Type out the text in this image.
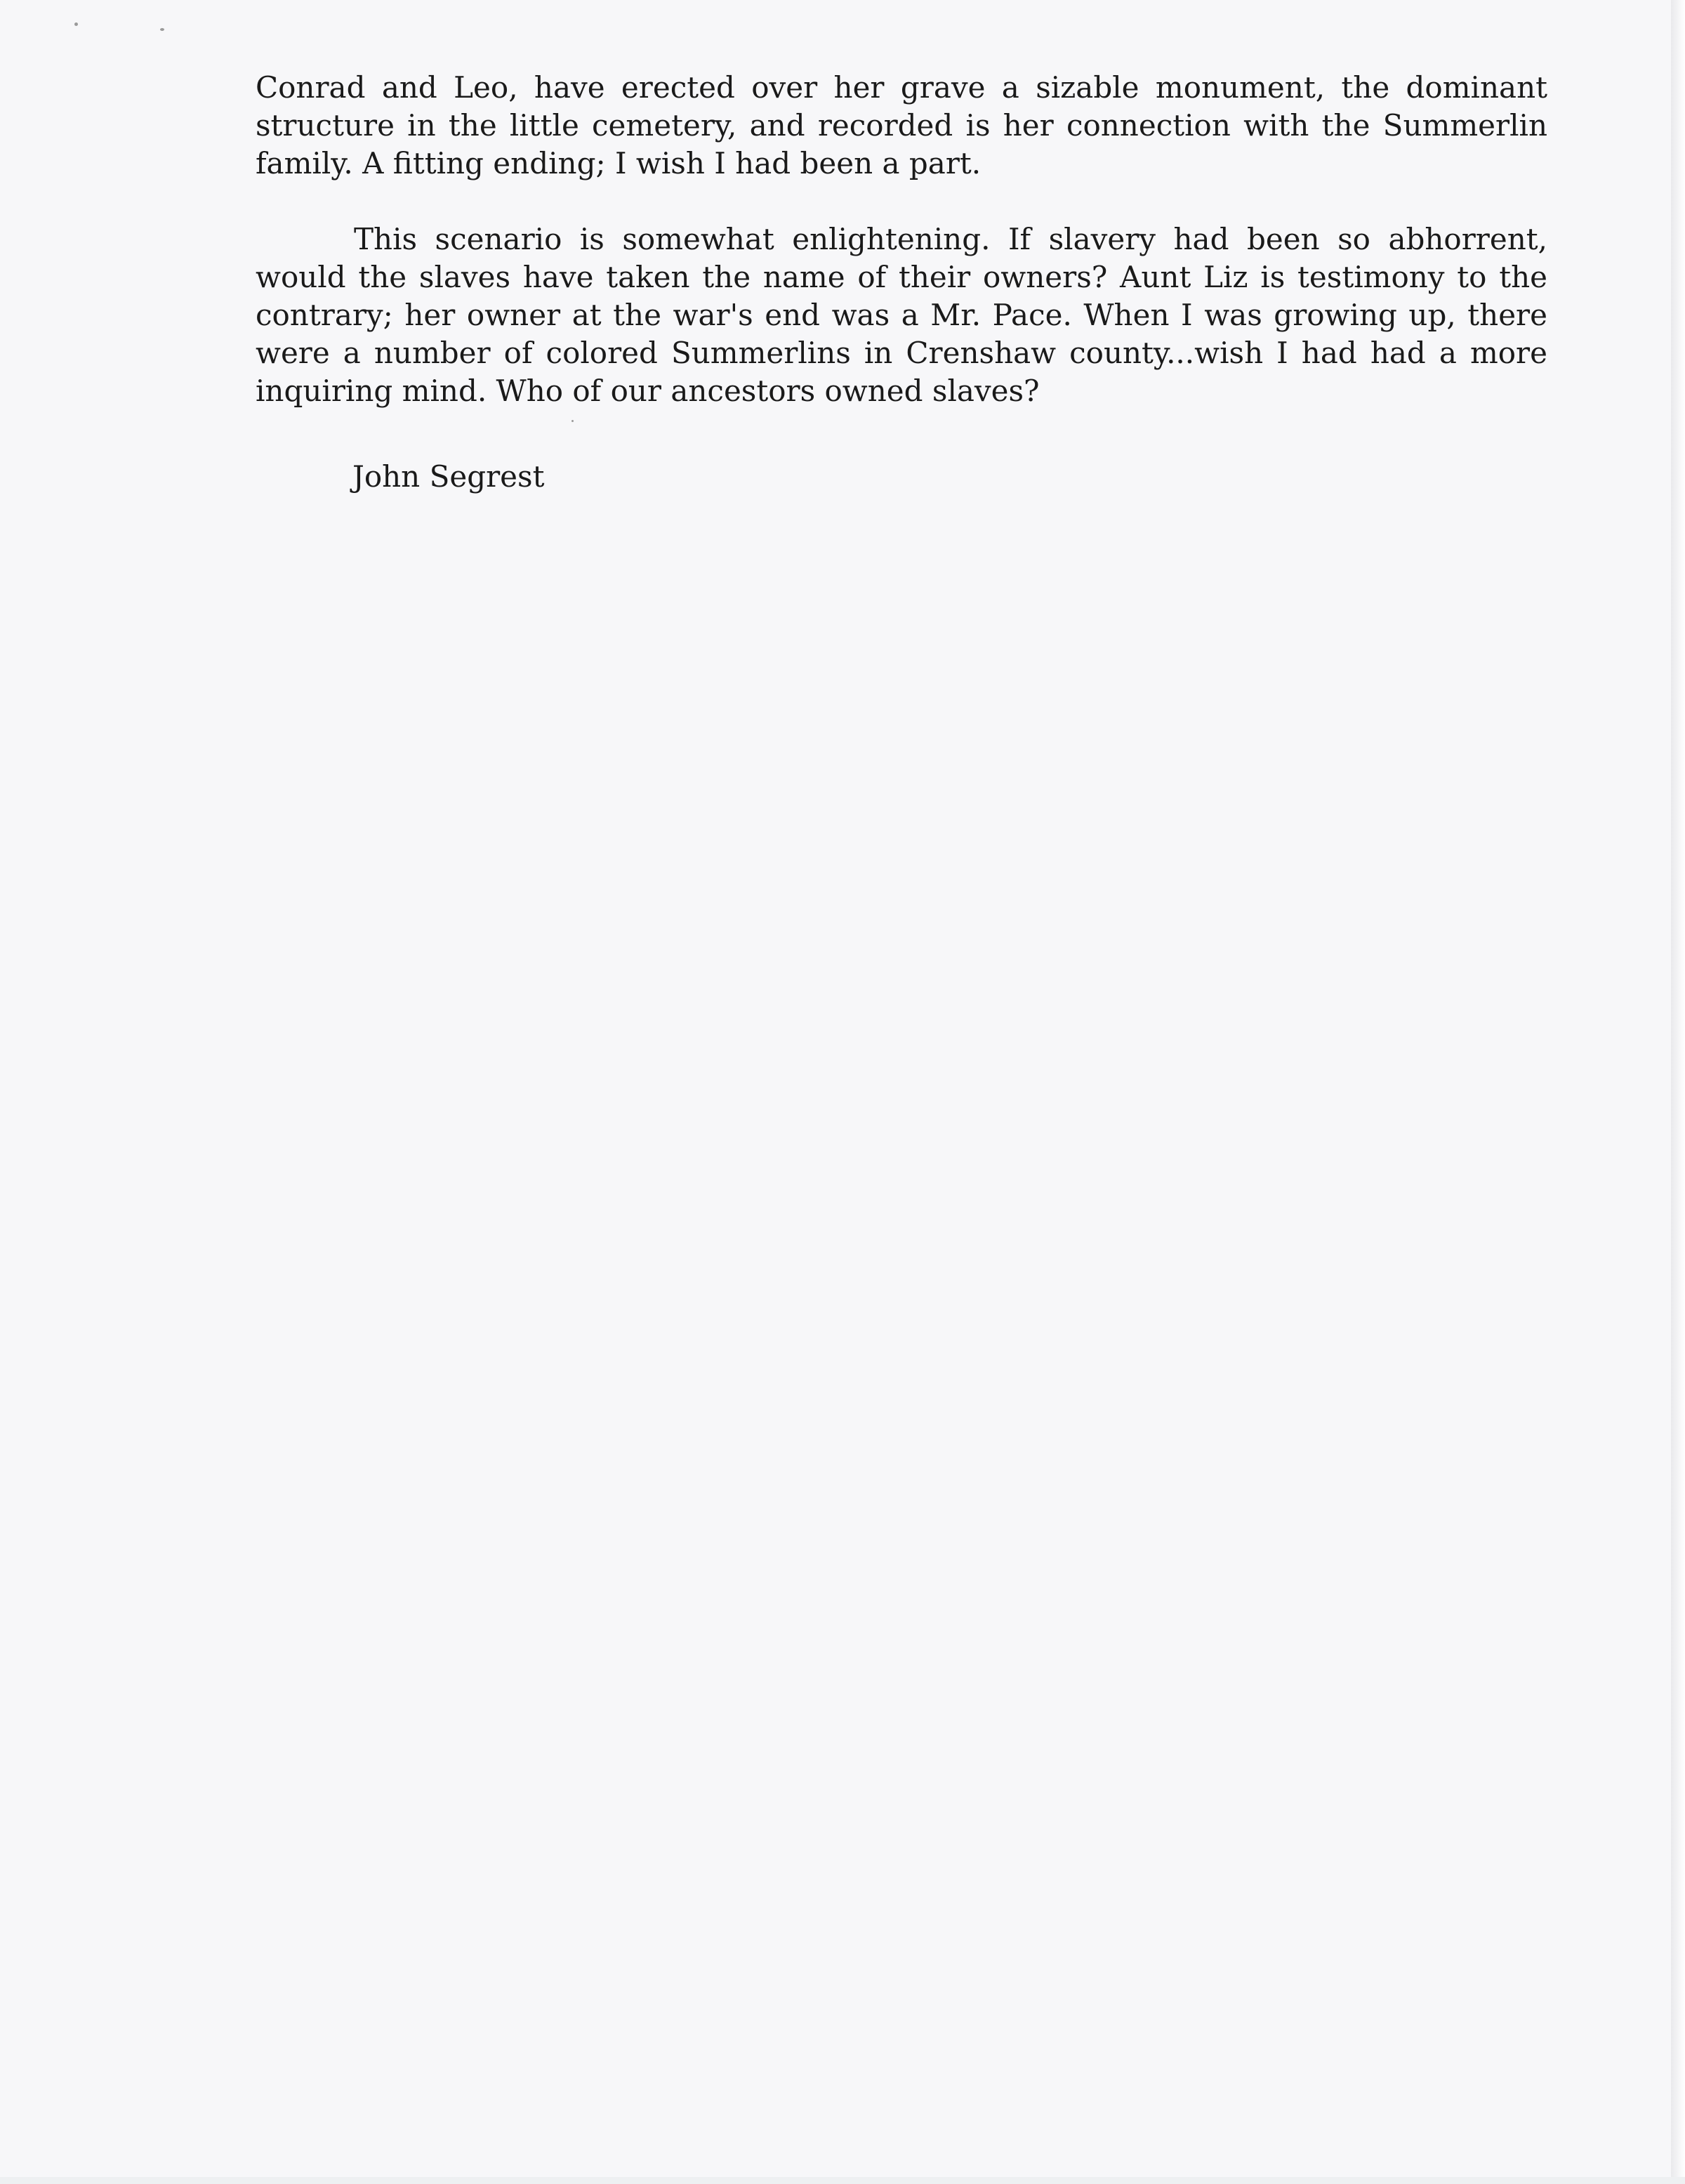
Conrad and Leo, have erected over her grave a sizable monument, the dominant
structure in the little cemetery, and recorded is her connection with the Summerlin
family. A fitting ending; I wish I had been a part.
This scenario is somewhat enlightening. If slavery had been so abhorrent,
would the slaves have taken the name of their owners? Aunt Liz is testimony to the
contrary; her owner at the war's end was a Mr. Pace. When I was growing up, there
were a number of colored Summerlins in Crenshaw county...wish I had had a more
inquiring mind. Who of our ancestors owned slaves?
John Segrest
